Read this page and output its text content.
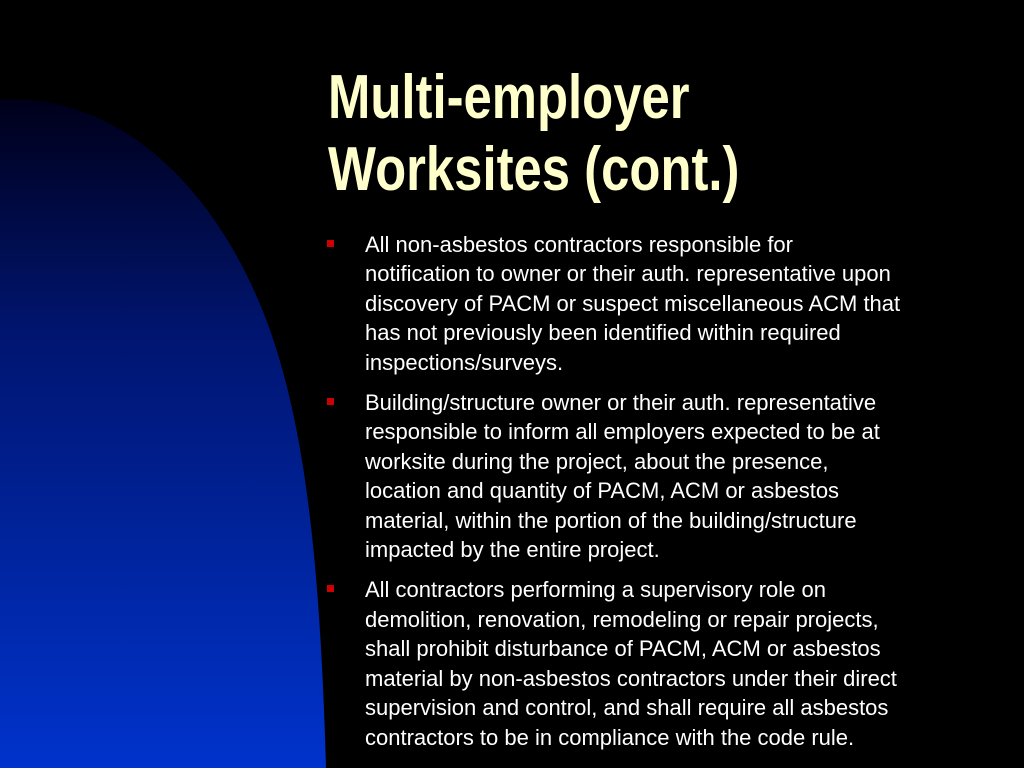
Multi-employer
Worksites (cont.)
All non-asbestos contractors responsible for
notification to owner or their auth. representative upon
discovery of PACM or suspect miscellaneous ACM that
has not previously been identified within required
inspections/surveys.
Building/structure owner or their auth. representative
responsible to inform all employers expected to be at
worksite during the project, about the presence,
location and quantity of PACM, ACM or asbestos
material, within the portion of the building/structure
impacted by the entire project.
All contractors performing a supervisory role on
demolition, renovation, remodeling or repair projects,
shall prohibit disturbance of PACM, ACM or asbestos
material by non-asbestos contractors under their direct
supervision and control, and shall require all asbestos
contractors to be in compliance with the code rule.
